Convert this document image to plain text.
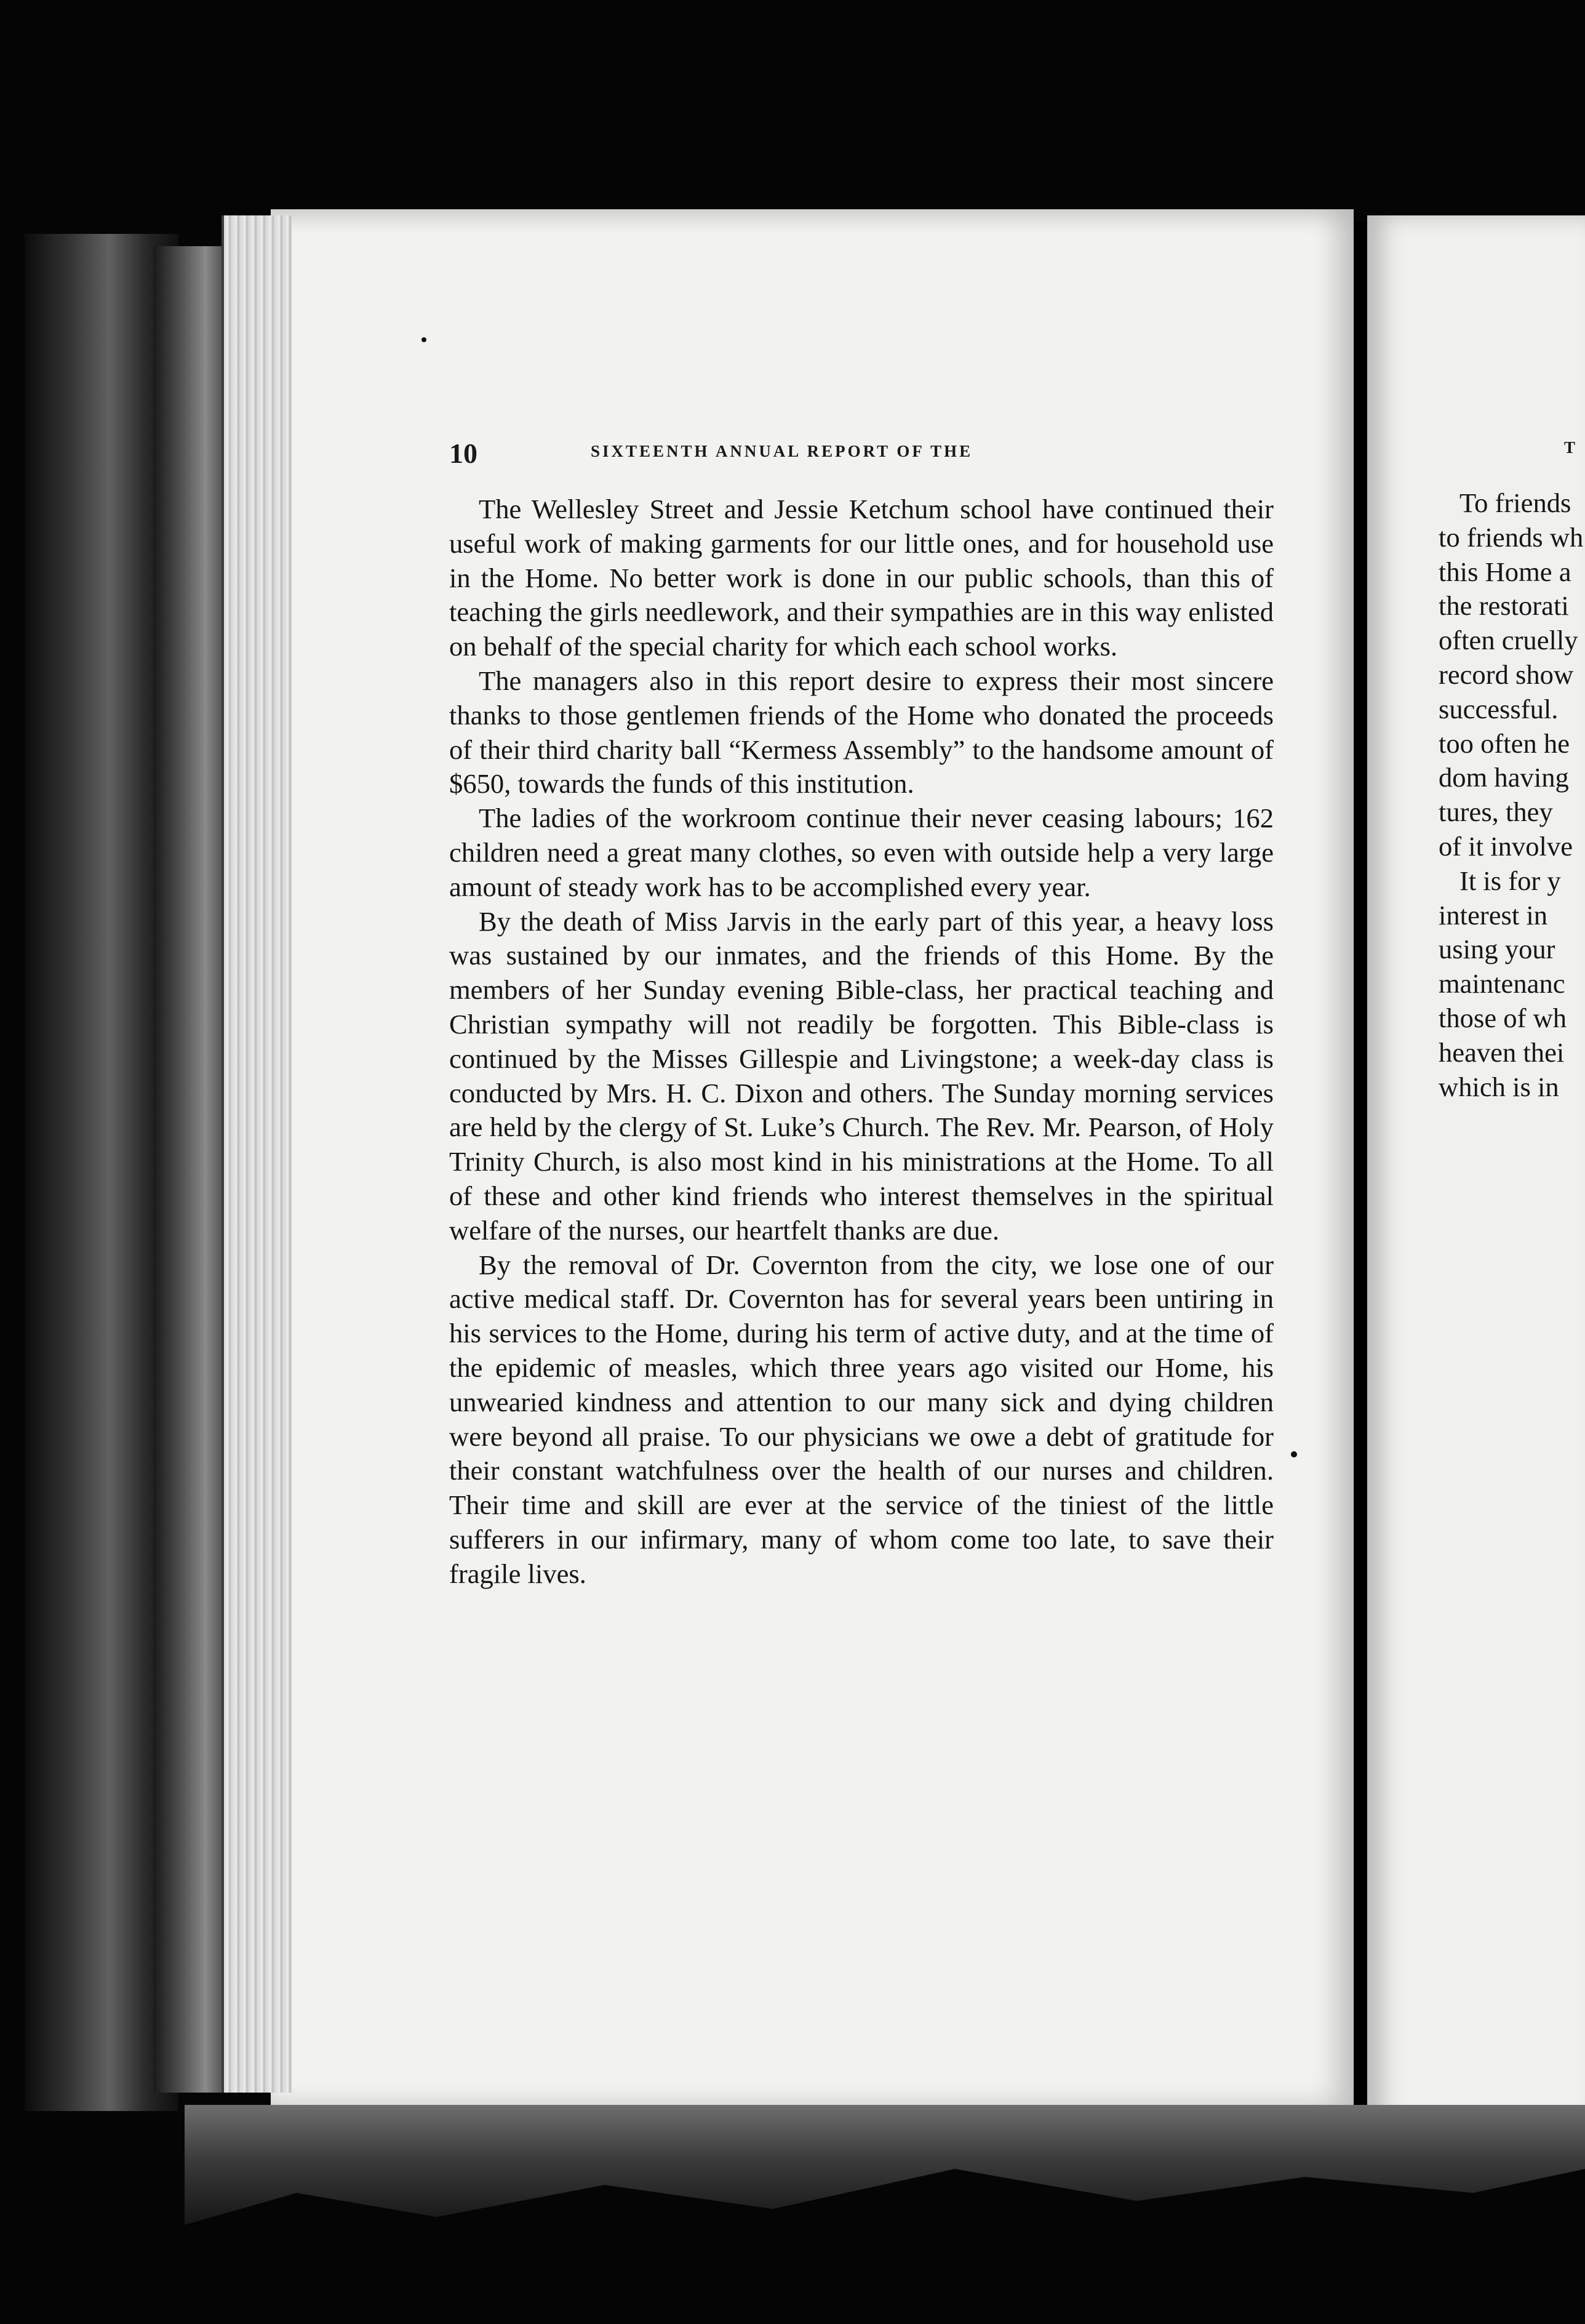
10	SIXTEENTH ANNUAL REPORT OF THE

The Wellesley Street and Jessie Ketchum school have continued their useful work of making garments for our little ones, and for household use in the Home. No better work is done in our public schools, than this of teaching the girls needlework, and their sympathies are in this way enlisted on behalf of the special charity for which each school works.

The managers also in this report desire to express their most sincere thanks to those gentlemen friends of the Home who donated the proceeds of their third charity ball “Kermess Assembly” to the handsome amount of $650, towards the funds of this institution.

The ladies of the workroom continue their never ceasing labours; 162 children need a great many clothes, so even with outside help a very large amount of steady work has to be accomplished every year.

By the death of Miss Jarvis in the early part of this year, a heavy loss was sustained by our inmates, and the friends of this Home. By the members of her Sunday evening Bible-class, her practical teaching and Christian sympathy will not readily be forgotten. This Bible-class is continued by the Misses Gillespie and Livingstone; a week-day class is conducted by Mrs. H. C. Dixon and others. The Sunday morning services are held by the clergy of St. Luke’s Church. The Rev. Mr. Pearson, of Holy Trinity Church, is also most kind in his ministrations at the Home. To all of these and other kind friends who interest themselves in the spiritual welfare of the nurses, our heartfelt thanks are due.

By the removal of Dr. Covernton from the city, we lose one of our active medical staff. Dr. Covernton has for several years been untiring in his services to the Home, during his term of active duty, and at the time of the epidemic of measles, which three years ago visited our Home, his unwearied kindness and attention to our many sick and dying children were beyond all praise. To our physicians we owe a debt of gratitude for their constant watchfulness over the health of our nurses and children. Their time and skill are ever at the service of the tiniest of the little sufferers in our infirmary, many of whom come too late, to save their fragile lives.

T
To friends
to friends wh
this Home a
the restorati
often cruelly
record show
successful.
too often he
dom having
tures, they
of it involve
It is for y
interest in
using your
maintenanc
those of wh
heaven thei
which is in
